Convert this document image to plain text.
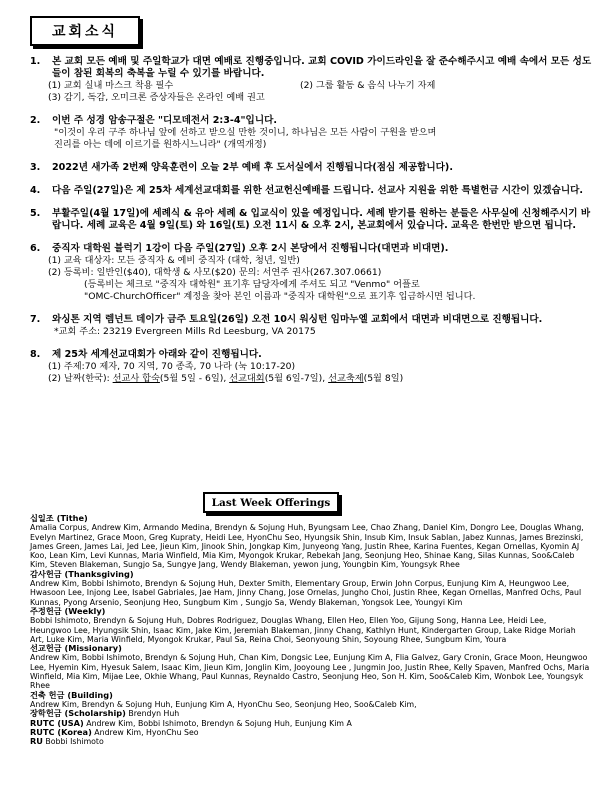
교회소식
1.	본 교회 모든 예배 및 주일학교가 대면 예배로 진행중입니다. 교회 COVID 가이드라인을 잘 준수해주시고 예배 속에서 모든 성도들이 참된 회복의 축복을 누릴 수 있기를 바랍니다.
(1) 교회 실내 마스크 착용 필수	(2) 그룹 활동 & 음식 나누기 자제
(3) 감기, 독감, 오미크론 증상자들은 온라인 예배 권고
2.	이번 주 성경 암송구절은 "디모데전서 2:3-4"입니다.
"이것이 우리 구주 하나님 앞에 선하고 받으실 만한 것이니, 하나님은 모든 사람이 구원을 받으며
진리를 아는 데에 이르기를 원하시느니라" (개역개정)
3.	2022년 새가족 2번째 양육훈련이 오늘 2부 예배 후 도서실에서 진행됩니다(점심 제공합니다).
4.	다음 주일(27일)은 제 25차 세계선교대회를 위한 선교헌신예배를 드립니다. 선교사 지원을 위한 특별헌금 시간이 있겠습니다.
5.	부활주일(4월 17일)에 세례식 & 유아 세례 & 입교식이 있을 예정입니다. 세례 받기를 원하는 분들은 사무실에 신청해주시기 바랍니다. 세례 교육은 4월 9일(토) 와 16일(토) 오전 11시 & 오후 2시, 본교회에서 있습니다. 교육은 한번만 받으면 됩니다.
6.	중직자 대학원 블럭기 1강이 다음 주일(27일) 오후 2시 본당에서 진행됩니다(대면과 비대면).
(1) 교육 대상자: 모든 중직자 & 예비 중직자 (대학, 청년, 일반)
(2) 등록비: 일반인($40), 대학생 & 사모($20) 문의: 서연주 권사(267.307.0661)
(등록비는 체크로 "중직자 대학원" 표기후 담당자에게 주셔도 되고 "Venmo" 어플로
"OMC-ChurchOfficer" 계정을 찾아 본인 이름과 "중직자 대학원"으로 표기후 입금하시면 됩니다.
7.	와싱톤 지역 렘넌트 데이가 금주 토요일(26일) 오전 10시 워싱턴 임마누엘 교회에서 대면과 비대면으로 진행됩니다.
*교회 주소: 23219 Evergreen Mills Rd Leesburg, VA 20175
8.	제 25차 세계선교대회가 아래와 같이 진행됩니다.
(1) 주제:70 제자, 70 지역, 70 종족, 70 나라 (눅 10:17-20)
(2) 날짜(한국): 선교사 합숙(5월 5일 - 6일), 선교대회(5월 6일-7일), 선교축제(5월 8일)
Last Week Offerings
십일조 (Tithe)
Amalia Corpus, Andrew Kim, Armando Medina, Brendyn & Sojung Huh, Byungsam Lee, Chao Zhang, Daniel Kim, Dongro Lee, Douglas Whang, Evelyn Martinez, Grace Moon, Greg Kupraty, Heidi Lee, HyonChu Seo, Hyungsik Shin, Insub Kim, Insuk Sablan, Jabez Kunnas, James Brezinski, James Green, James Lai, Jed Lee, Jieun Kim, Jinook Shin, Jongkap Kim, Junyeong Yang, Justin Rhee, Karina Fuentes, Kegan Ornellas, Kyomin AJ Koo, Lean Kim, Levi Kunnas, Maria Winfield, Mia Kim, Myongok Krukar, Rebekah Jang, Seonjung Heo, Shinae Kang, Silas Kunnas, Soo&Caleb Kim, Steven Blakeman, Sungjo Sa, Sungye Jang, Wendy Blakeman, yewon jung, Youngbin Kim, Youngsyk Rhee
감사헌금 (Thanksgiving)
Andrew Kim, Bobbi Ishimoto, Brendyn & Sojung Huh, Dexter Smith, Elementary Group, Erwin John Corpus, Eunjung Kim A, Heungwoo Lee, Hwasoon Lee, Injong Lee, Isabel Gabriales, Jae Ham, Jinny Chang, Jose Ornelas, Jungho Choi, Justin Rhee, Kegan Ornellas, Manfred Ochs, Paul Kunnas, Pyong Arsenio, Seonjung Heo, Sungbum Kim , Sungjo Sa, Wendy Blakeman, Yongsok Lee, Youngyi Kim
주정헌금 (Weekly)
Bobbi Ishimoto, Brendyn & Sojung Huh, Dobres Rodriguez, Douglas Whang, Ellen Heo, Ellen Yoo, Gijung Song, Hanna Lee, Heidi Lee, Heungwoo Lee, Hyungsik Shin, Isaac Kim, Jake Kim, Jeremiah Blakeman, Jinny Chang, Kathlyn Hunt, Kindergarten Group, Lake Ridge Moriah Art, Luke Kim, Maria Winfield, Myongok Krukar, Paul Sa, Reina Choi, Seonyoung Shin, Soyoung Rhee, Sungbum Kim, Youra
선교헌금 (Missionary)
Andrew Kim, Bobbi Ishimoto, Brendyn & Sojung Huh, Chan Kim, Dongsic Lee, Eunjung Kim A, Flia Galvez, Gary Cronin, Grace Moon, Heungwoo Lee, Hyemin Kim, Hyesuk Salem, Isaac Kim, Jieun Kim, Jonglin Kim, Jooyoung Lee , Jungmin Joo, Justin Rhee, Kelly Spaven, Manfred Ochs, Maria Winfield, Mia Kim, Mijae Lee, Okhie Whang, Paul Kunnas, Reynaldo Castro, Seonjung Heo, Son H. Kim, Soo&Caleb Kim, Wonbok Lee, Youngsyk Rhee
건축 헌금 (Building)
Andrew Kim, Brendyn & Sojung Huh, Eunjung Kim A, HyonChu Seo, Seonjung Heo, Soo&Caleb Kim,
장학헌금 (Scholarship) Brendyn Huh
RUTC (USA) Andrew Kim, Bobbi Ishimoto, Brendyn & Sojung Huh, Eunjung Kim A
RUTC (Korea) Andrew Kim, HyonChu Seo
RU Bobbi Ishimoto
